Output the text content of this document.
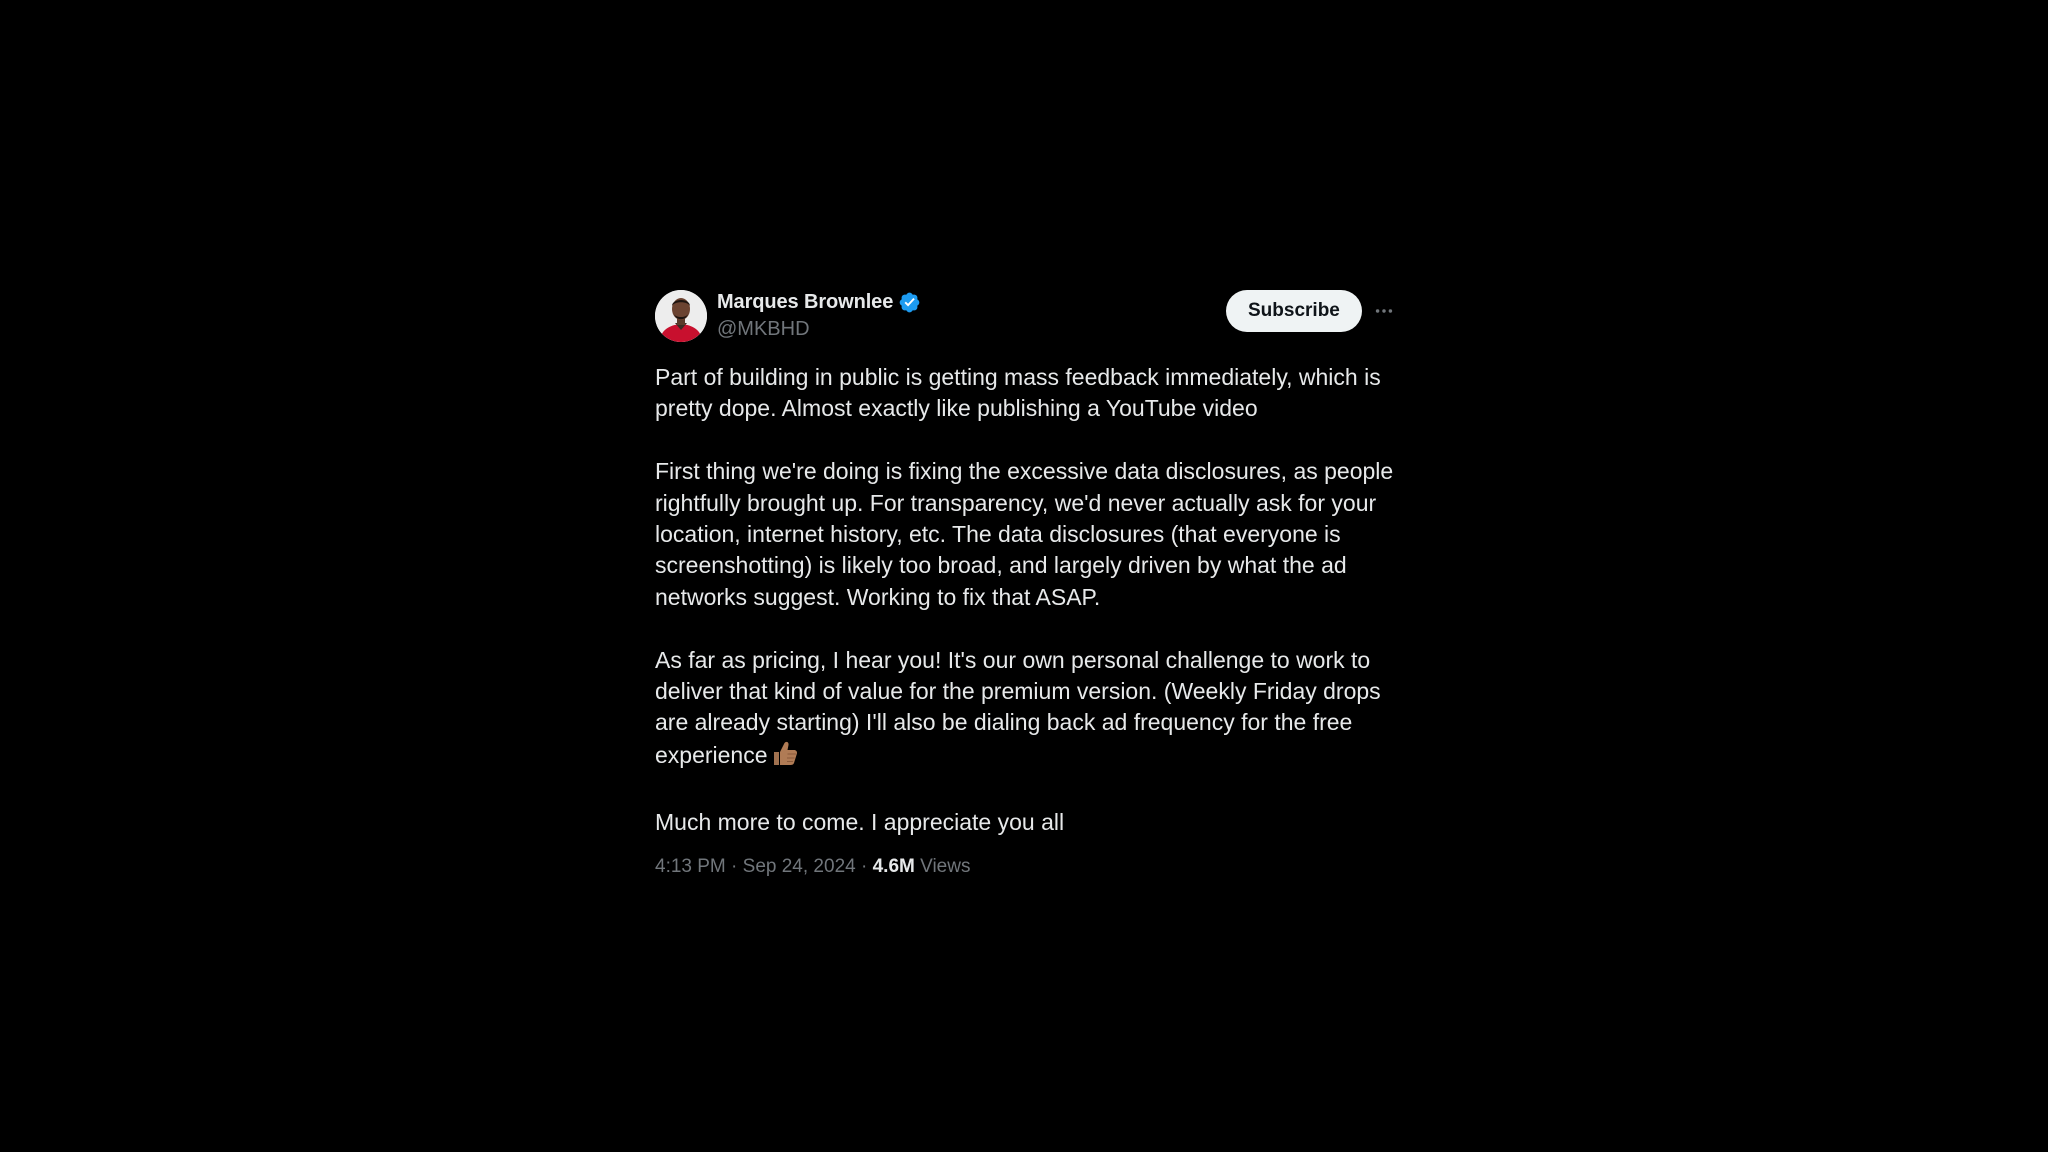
Marques Brownlee
@MKBHD
Subscribe

Part of building in public is getting mass feedback immediately, which is pretty dope. Almost exactly like publishing a YouTube video

First thing we're doing is fixing the excessive data disclosures, as people rightfully brought up. For transparency, we'd never actually ask for your location, internet history, etc. The data disclosures (that everyone is screenshotting) is likely too broad, and largely driven by what the ad networks suggest. Working to fix that ASAP.

As far as pricing, I hear you! It's our own personal challenge to work to deliver that kind of value for the premium version. (Weekly Friday drops are already starting) I'll also be dialing back ad frequency for the free experience

Much more to come. I appreciate you all

4:13 PM · Sep 24, 2024 · 4.6M Views
